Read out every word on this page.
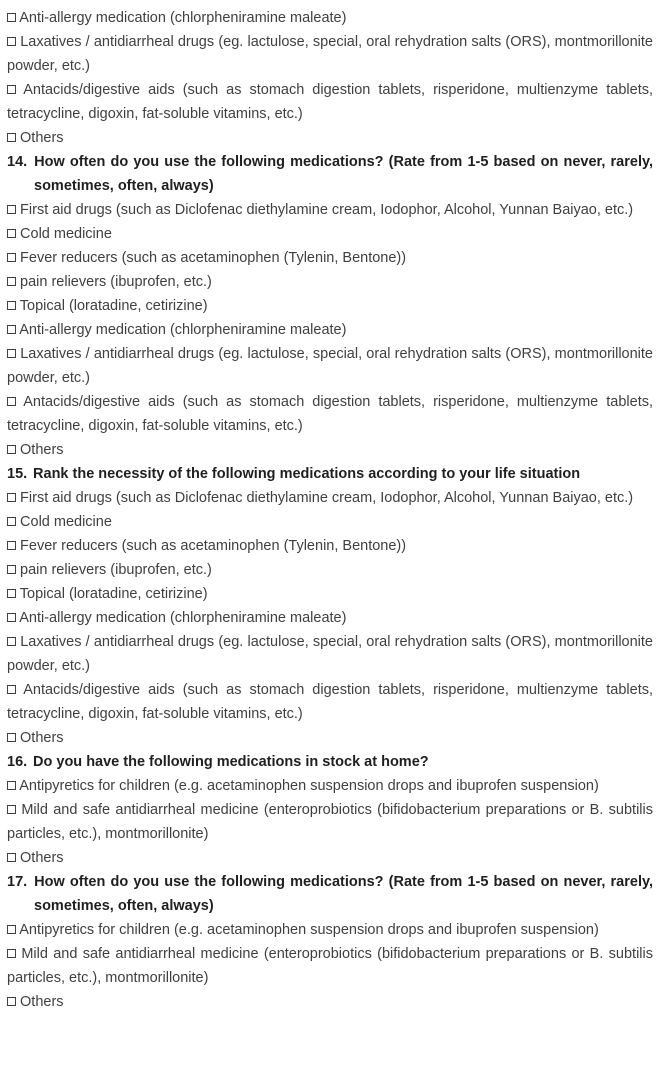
Anti-allergy medication (chlorpheniramine maleate)

Laxatives / antidiarrheal drugs (eg. lactulose, special, oral rehydration salts (ORS), montmorillonite powder, etc.)

Antacids/digestive aids (such as stomach digestion tablets, risperidone, multienzyme tablets, tetracycline, digoxin, fat-soluble vitamins, etc.)

Others

14. How often do you use the following medications? (Rate from 1-5 based on never, rarely, sometimes, often, always)

First aid drugs (such as Diclofenac diethylamine cream, Iodophor, Alcohol, Yunnan Baiyao, etc.)

Cold medicine

Fever reducers (such as acetaminophen (Tylenin, Bentone))

pain relievers (ibuprofen, etc.)

Topical (loratadine, cetirizine)

Anti-allergy medication (chlorpheniramine maleate)

Laxatives / antidiarrheal drugs (eg. lactulose, special, oral rehydration salts (ORS), montmorillonite powder, etc.)

Antacids/digestive aids (such as stomach digestion tablets, risperidone, multienzyme tablets, tetracycline, digoxin, fat-soluble vitamins, etc.)

Others

15. Rank the necessity of the following medications according to your life situation

First aid drugs (such as Diclofenac diethylamine cream, Iodophor, Alcohol, Yunnan Baiyao, etc.)

Cold medicine

Fever reducers (such as acetaminophen (Tylenin, Bentone))

pain relievers (ibuprofen, etc.)

Topical (loratadine, cetirizine)

Anti-allergy medication (chlorpheniramine maleate)

Laxatives / antidiarrheal drugs (eg. lactulose, special, oral rehydration salts (ORS), montmorillonite powder, etc.)

Antacids/digestive aids (such as stomach digestion tablets, risperidone, multienzyme tablets, tetracycline, digoxin, fat-soluble vitamins, etc.)

Others

16. Do you have the following medications in stock at home?

Antipyretics for children (e.g. acetaminophen suspension drops and ibuprofen suspension)

Mild and safe antidiarrheal medicine (enteroprobiotics (bifidobacterium preparations or B. subtilis particles, etc.), montmorillonite)

Others

17. How often do you use the following medications? (Rate from 1-5 based on never, rarely, sometimes, often, always)

Antipyretics for children (e.g. acetaminophen suspension drops and ibuprofen suspension)

Mild and safe antidiarrheal medicine (enteroprobiotics (bifidobacterium preparations or B. subtilis particles, etc.), montmorillonite)

Others
